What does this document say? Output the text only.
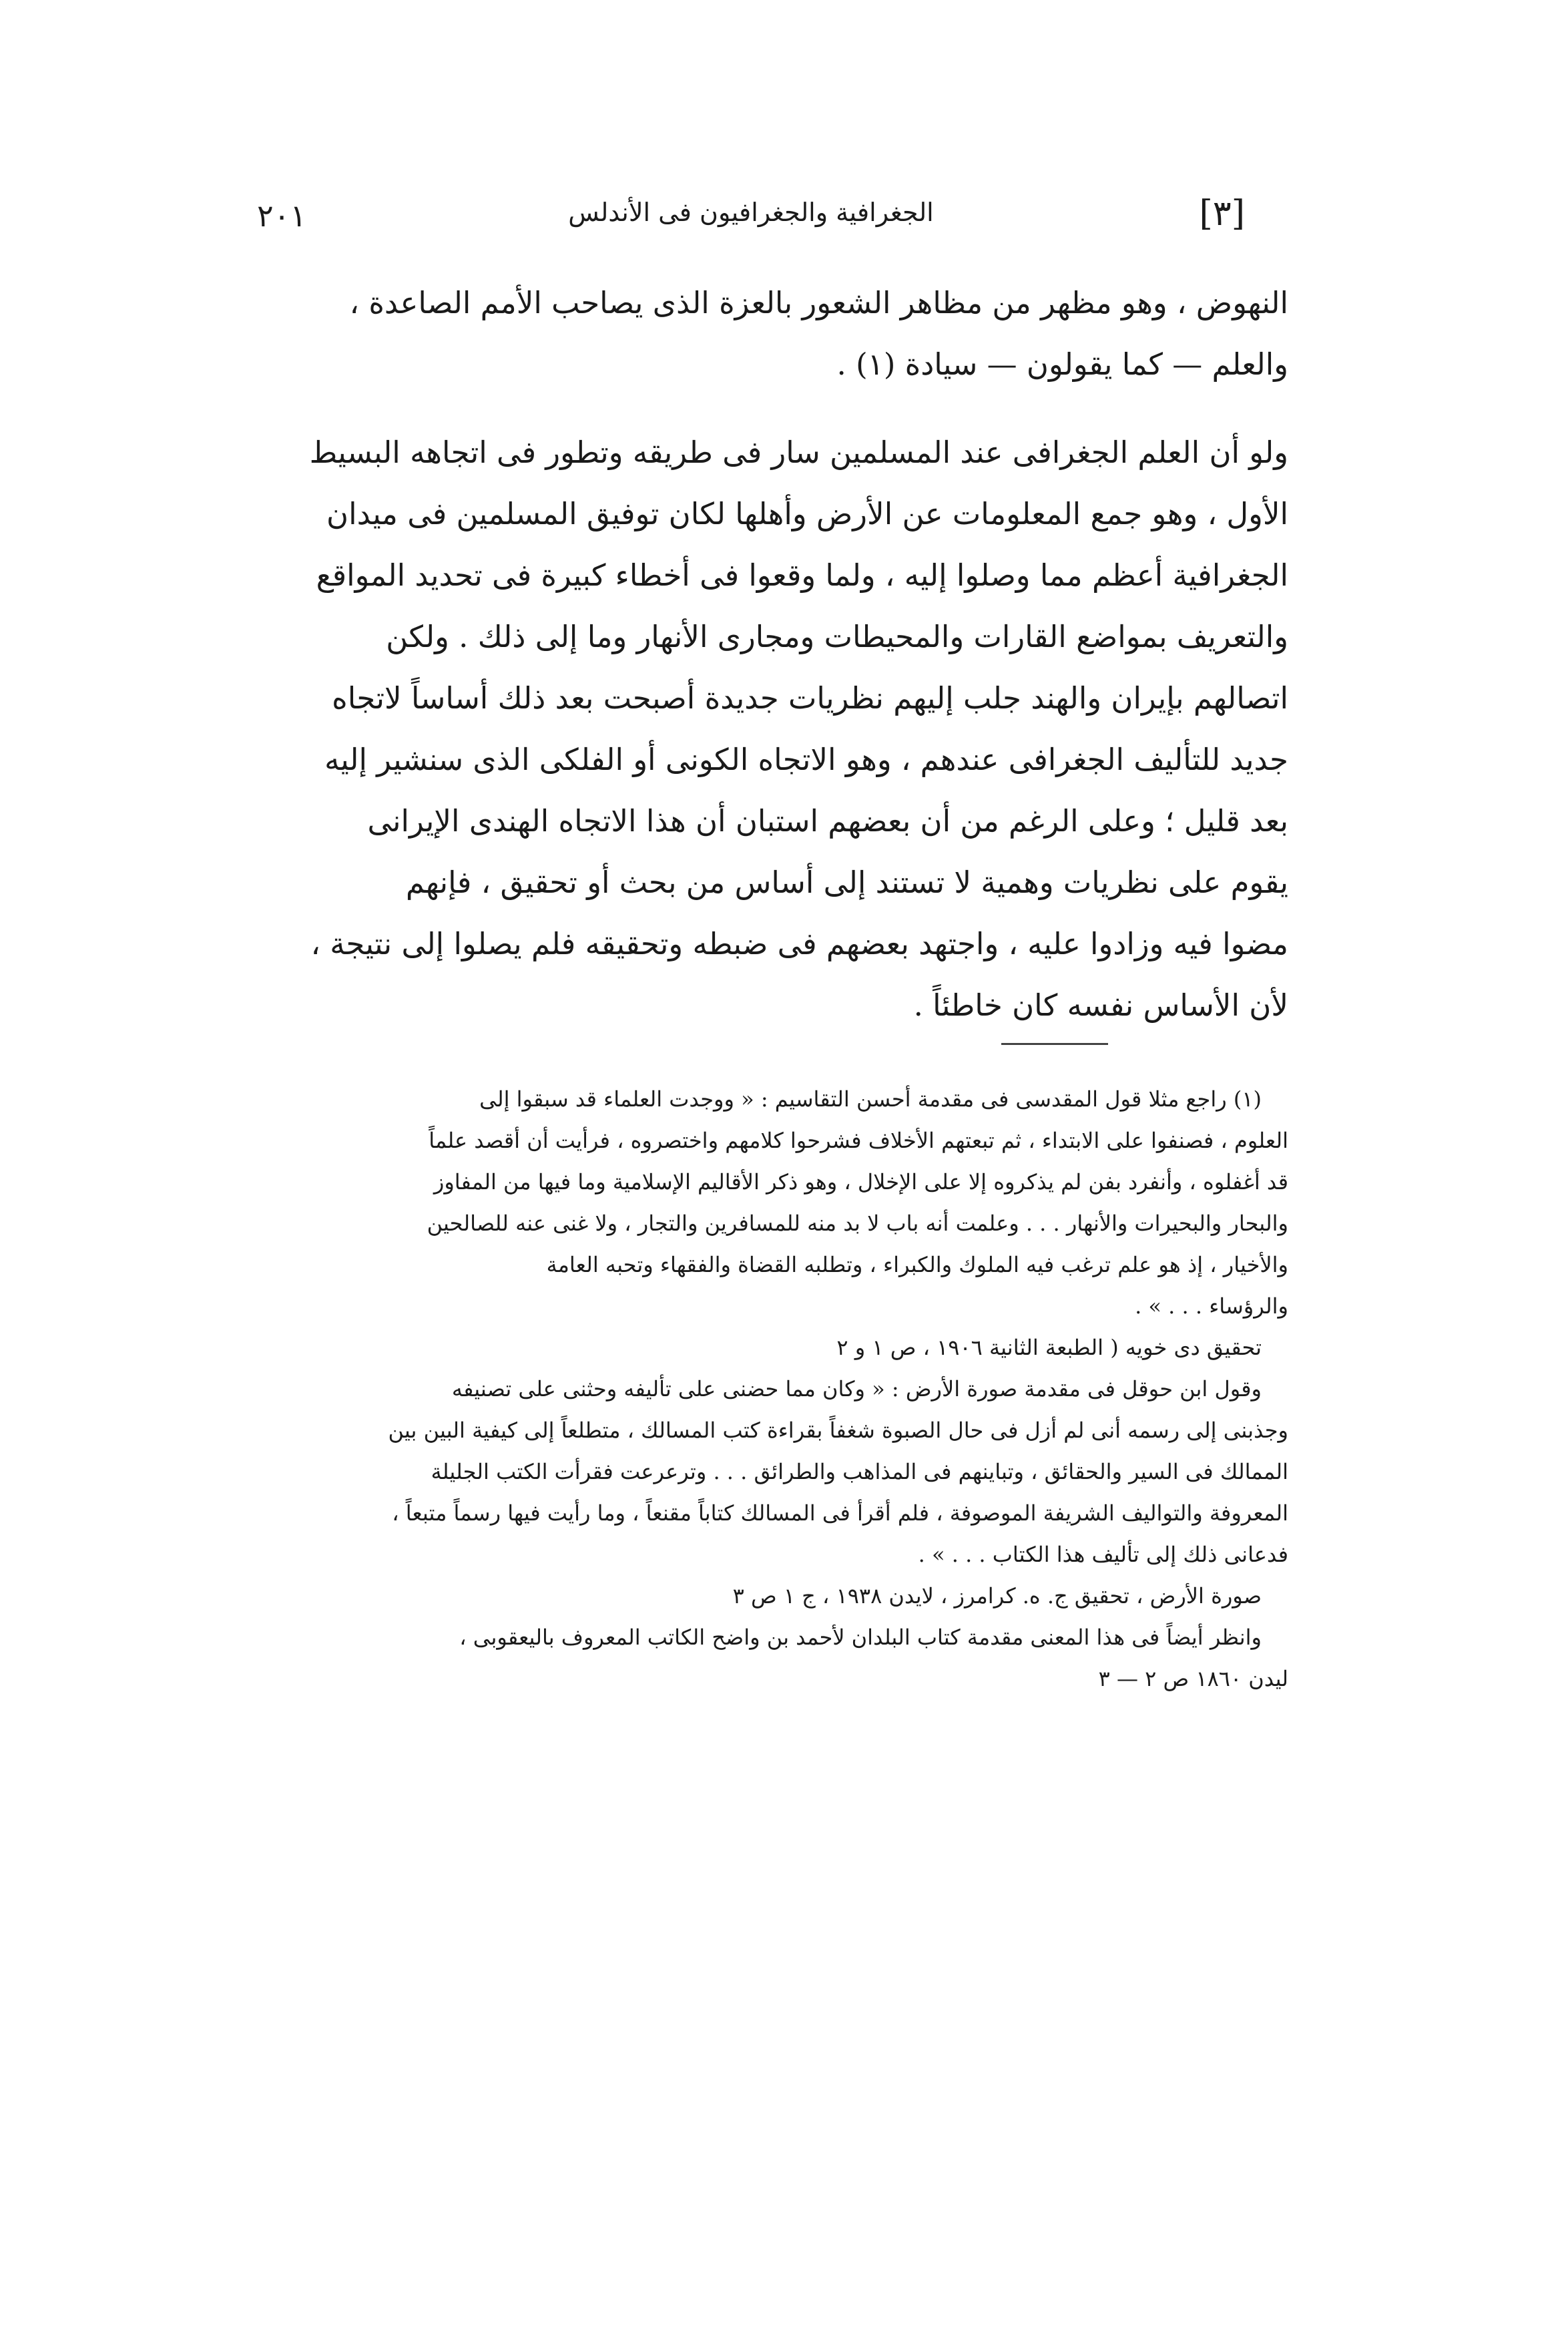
[٣]
الجغرافية والجغرافيون فى الأندلس
٢٠١
النهوض ، وهو مظهر من مظاهر الشعور بالعزة الذى يصاحب الأمم الصاعدة ،
والعلم — كما يقولون — سيادة (١) .
ولو أن العلم الجغرافى عند المسلمين سار فى طريقه وتطور فى اتجاهه البسيط
الأول ، وهو جمع المعلومات عن الأرض وأهلها لكان توفيق المسلمين فى ميدان
الجغرافية أعظم مما وصلوا إليه ، ولما وقعوا فى أخطاء كبيرة فى تحديد المواقع
والتعريف بمواضع القارات والمحيطات ومجارى الأنهار وما إلى ذلك . ولكن
اتصالهم بإيران والهند جلب إليهم نظريات جديدة أصبحت بعد ذلك أساساً لاتجاه
جديد للتأليف الجغرافى عندهم ، وهو الاتجاه الكونى أو الفلكى الذى سنشير إليه
بعد قليل ؛ وعلى الرغم من أن بعضهم استبان أن هذا الاتجاه الهندى الإيرانى
يقوم على نظريات وهمية لا تستند إلى أساس من بحث أو تحقيق ، فإنهم
مضوا فيه وزادوا عليه ، واجتهد بعضهم فى ضبطه وتحقيقه فلم يصلوا إلى نتيجة ،
لأن الأساس نفسه كان خاطئاً .
(١) راجع مثلا قول المقدسى فى مقدمة أحسن التقاسيم : « ووجدت العلماء قد سبقوا إلى
العلوم ، فصنفوا على الابتداء ، ثم تبعتهم الأخلاف فشرحوا كلامهم واختصروه ، فرأيت أن أقصد علماً
قد أغفلوه ، وأنفرد بفن لم يذكروه إلا على الإخلال ، وهو ذكر الأقاليم الإسلامية وما فيها من المفاوز
والبحار والبحيرات والأنهار . . . وعلمت أنه باب لا بد منه للمسافرين والتجار ، ولا غنى عنه للصالحين
والأخيار ، إذ هو علم ترغب فيه الملوك والكبراء ، وتطلبه القضاة والفقهاء وتحبه العامة
والرؤساء . . . » .
تحقيق دى خويه ( الطبعة الثانية ١٩٠٦ ، ص ١ و ٢
وقول ابن حوقل فى مقدمة صورة الأرض : « وكان مما حضنى على تأليفه وحثنى على تصنيفه
وجذبنى إلى رسمه أنى لم أزل فى حال الصبوة شغفاً بقراءة كتب المسالك ، متطلعاً إلى كيفية البين بين
الممالك فى السير والحقائق ، وتباينهم فى المذاهب والطرائق . . . وترعرعت فقرأت الكتب الجليلة
المعروفة والتواليف الشريفة الموصوفة ، فلم أقرأ فى المسالك كتاباً مقنعاً ، وما رأيت فيها رسماً متبعاً ،
فدعانى ذلك إلى تأليف هذا الكتاب . . . » .
صورة الأرض ، تحقيق ج. ه. كرامرز ، لايدن ١٩٣٨ ، ج ١ ص ٣
وانظر أيضاً فى هذا المعنى مقدمة كتاب البلدان لأحمد بن واضح الكاتب المعروف باليعقوبى ،
ليدن ١٨٦٠ ص ٢ — ٣
